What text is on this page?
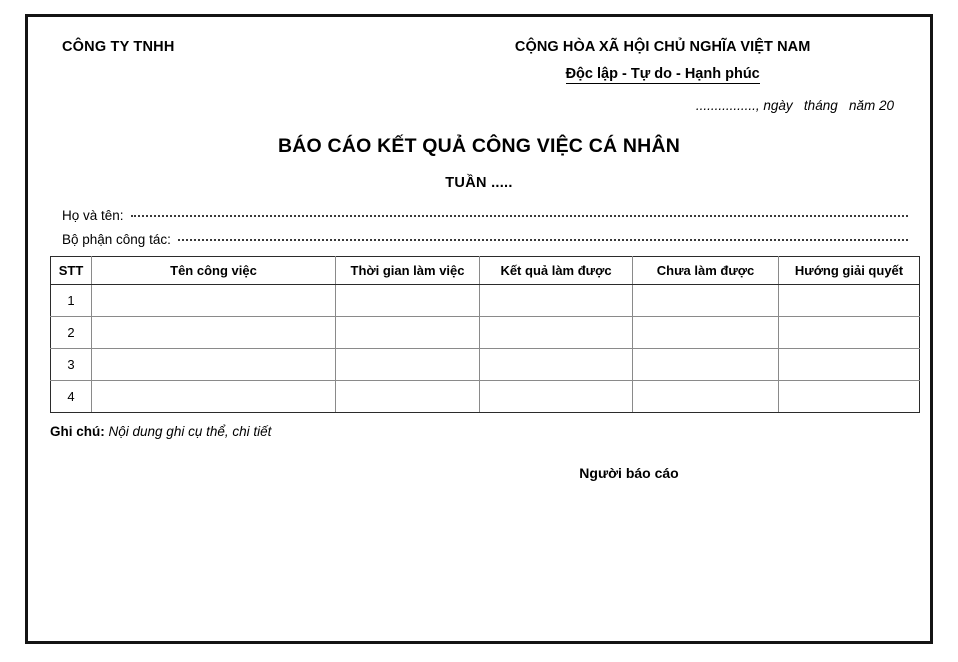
CÔNG TY TNHH	CỘNG HÒA XÃ HỘI CHỦ NGHĨA VIỆT NAM
Độc lập - Tự do - Hạnh phúc
................, ngày   tháng   năm 20
BÁO CÁO KẾT QUẢ CÔNG VIỆC CÁ NHÂN
TUẦN .....
Họ và tên:
Bộ phận công tác:
STT	Tên công việc	Thời gian làm việc	Kết quả làm được	Chưa làm được	Hướng giải quyết
1					
2					
3					
4					
Ghi chú: Nội dung ghi cụ thể, chi tiết
Người báo cáo
